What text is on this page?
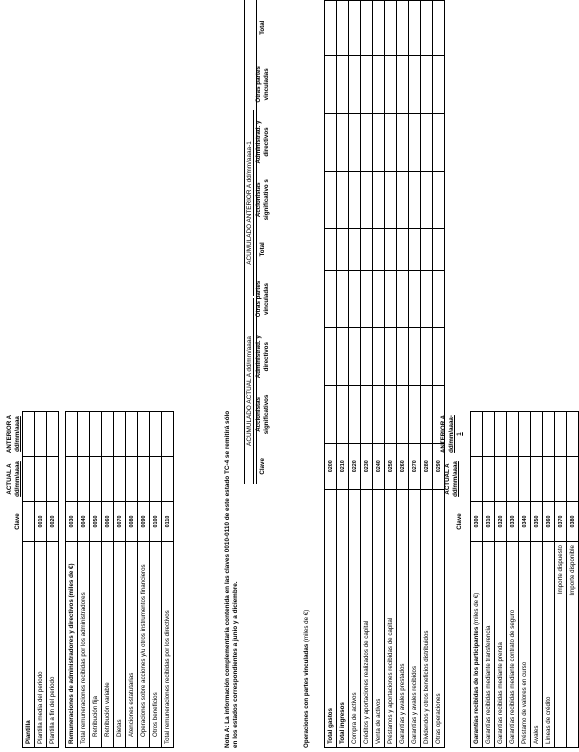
	Clave	ACTUAL A
dd/mm/aaaa	ANTERIOR A
dd/mm/aaaa
Plantilla			
Plantilla media del periodo	0010		
Plantilla a fin del periodo	0020		

Remuneraciones de administradores y directivos (miles de €)	0030		
Total remuneraciones recibidas por los administradores	0040		
Retribución fija	0050		
Retribución variable	0060		
Dietas	0070		
Atenciones estatutarias	0080		
Operaciones sobre acciones y/u otros instrumentos financieros	0090		
Otros beneficios	0100		
Total remuneraciones recibidas por los directivos	0110			Nota A: La información complementaria contenida en las claves 0010-0110 de este estado TC-4 se remitirá sólo en los estados correspondientes a junio y a diciembre.
ACUMULADO ACTUAL A dd/mm/aaaa
ACUMULADO ANTERIOR A dd/mm/aaaa-1
	Clave	Accionistas significativos	Administrad. y directivos	Otras partes vinculadas	Total	Accionistas significativo s	Administrad. y directivos	Otras partes vinculadas	Total
Operaciones con partes vinculadas (miles de €)
Total gastos	0200								
Total ingresos	0210								
Compra de activos	0220								
Créditos y aportaciones realizados de capital	0230								
Venta de activos	0240								
Préstamos y aportaciones recibidas de capital	0250								
Garantías y avales prestados	0260								
Garantías y avales recibidos	0270								
Dividendos y otros beneficios distribuidos	0280								
Otras operaciones	0290								
	Clave	ACTUAL A
dd/mm/aaaa	ANTERIOR A
dd/mm/aaaa-1

Garantías recibidas de los participantes (miles de €)	0300		
Garantías recibidas mediante transferencia	0310		
Garantías recibidas mediante prenda	0320		
Garantías recibidas mediante contrato de seguro	0330		
Préstamo de valores en curso	0340		
Avales	0350		
Líneas de crédito	0360		
Importe dispuesto	0370		
Importe disponible	0380		
